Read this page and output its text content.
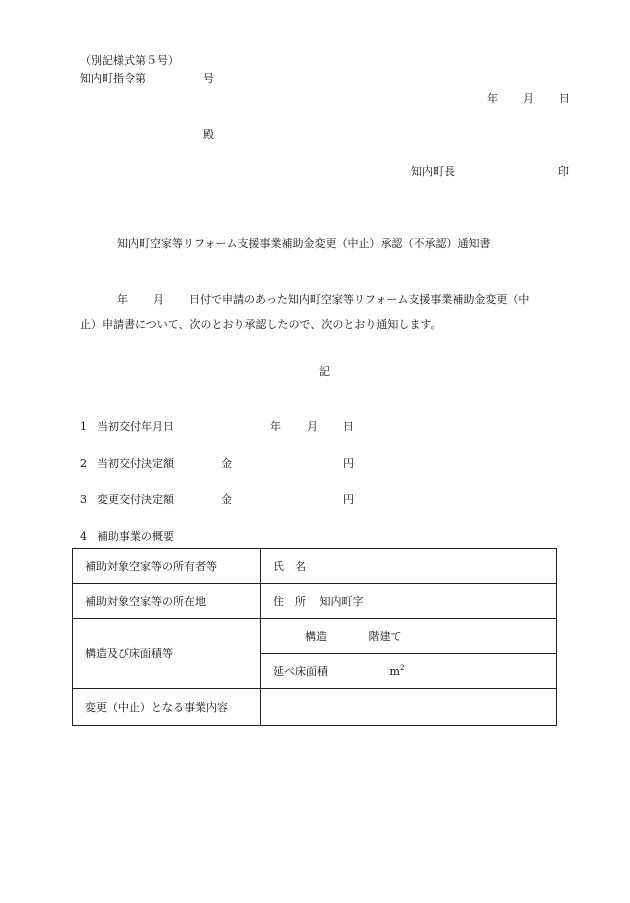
（別記様式第５号）
知内町指令第	号
年 月 日
殿
知内町長	印
知内町空家等リフォーム支援事業補助金変更（中止）承認（不承認）通知書

年 月 日付で申請のあった知内町空家等リフォーム支援事業補助金変更（中

止）申請書について、次のとおり承認したので、次のとおり通知します。

記
1 当初交付年月日	年 月 日
2 当初交付決定額	金	円
3 変更交付決定額	金	円
4 補助事業の概要
補助対象空家等の所有者等	氏　名
補助対象空家等の所在地	住　所 知内町字
構造及び床面積等	構造 階建て
	延べ床面積 $m^2$
変更（中止）となる事業内容	
